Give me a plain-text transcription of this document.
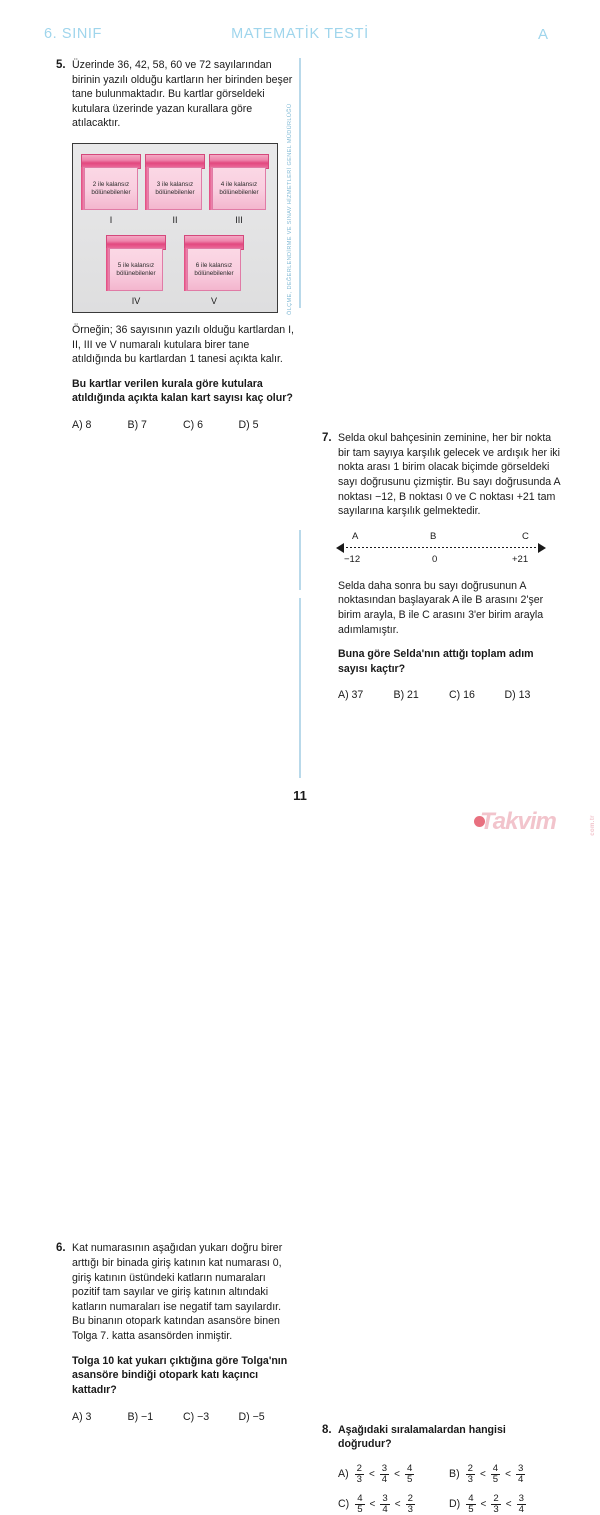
6. SINIF	MATEMATİK TESTİ	A
ÖLÇME, DEĞERLENDİRME VE SINAV HİZMETLERİ GENEL MÜDÜRLÜĞÜ
5. Üzerinde 36, 42, 58, 60 ve 72 sayılarından birinin yazılı olduğu kartların her birinden beşer tane bulunmaktadır. Bu kartlar görseldeki kutulara üzerinde yazan kurallara göre atılacaktır.

2 ile kalansız bölünebilenler
I
3 ile kalansız bölünebilenler
II
4 ile kalansız bölünebilenler
III
5 ile kalansız bölünebilenler
IV
6 ile kalansız bölünebilenler
V

Örneğin; 36 sayısının yazılı olduğu kartlardan I, II, III ve V numaralı kutulara birer tane atıldığında bu kartlardan 1 tanesi açıkta kalır.

Bu kartlar verilen kurala göre kutulara atıldığında açıkta kalan kart sayısı kaç olur?

A) 8	B) 7	C) 6	D) 5
7. Selda okul bahçesinin zeminine, her bir nokta bir tam sayıya karşılık gelecek ve ardışık her iki nokta arası 1 birim olacak biçimde görseldeki sayı doğrusunu çizmiştir. Bu sayı doğrusunda A noktası −12, B noktası 0 ve C noktası +21 tam sayılarına karşılık gelmektedir.

A
−12
B
0
C
+21

Selda daha sonra bu sayı doğrusunun A noktasından başlayarak A ile B arasını 2'şer birim arayla, B ile C arasını 3'er birim arayla adımlamıştır.

Buna göre Selda'nın attığı toplam adım sayısı kaçtır?

A) 37	B) 21	C) 16	D) 13
6. Kat numarasının aşağıdan yukarı doğru birer arttığı bir binada giriş katının kat numarası 0, giriş katının üstündeki katların numaraları pozitif tam sayılar ve giriş katının altındaki katların numaraları ise negatif tam sayılardır. Bu binanın otopark katından asansöre binen Tolga 7. katta asansörden inmiştir.

Tolga 10 kat yukarı çıktığına göre Tolga'nın asansöre bindiği otopark katı kaçıncı kattadır?

A) 3	B) −1	C) −3	D) −5
8. Aşağıdaki sıralamalardan hangisi doğrudur?

$A) \frac{2}{3} < \frac{3}{4} < \frac{4}{5}$	$B) \frac{2}{3} < \frac{4}{5} < \frac{3}{4}$
$C) \frac{4}{5} < \frac{3}{4} < \frac{2}{3}$	$D) \frac{4}{5} < \frac{2}{3} < \frac{3}{4}$
11
Takvim	com.tr
